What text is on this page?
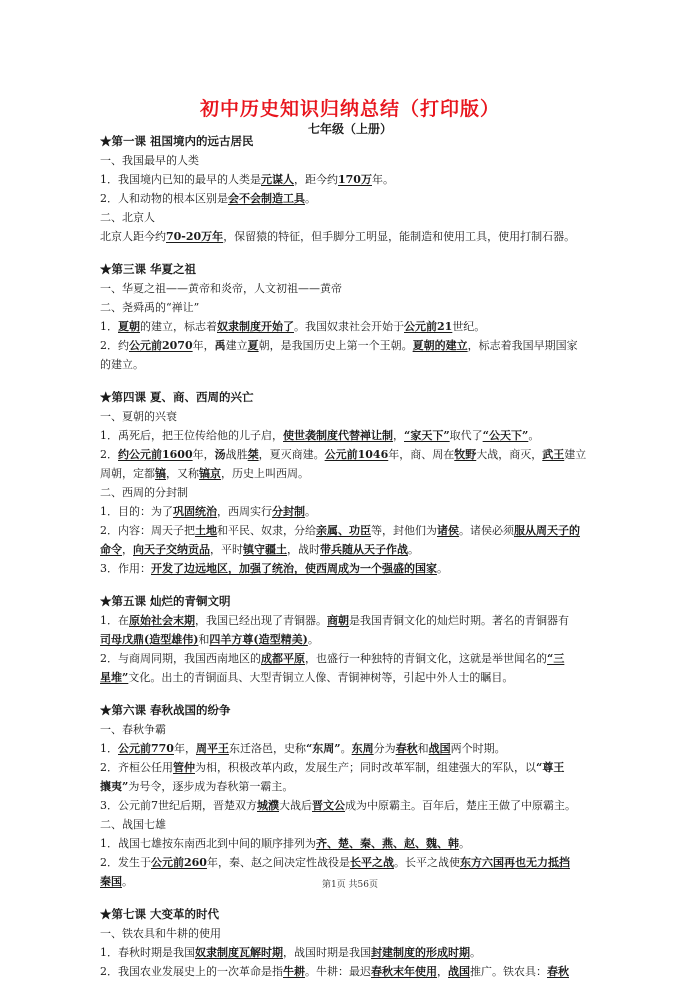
初中历史知识归纳总结（打印版）
七年级（上册）
★第一课 祖国境内的远古居民
一、我国最早的人类
1．我国境内已知的最早的人类是元谋人，距今约170万年。
2．人和动物的根本区别是会不会制造工具。
二、北京人
北京人距今约70-20万年，保留猿的特征，但手脚分工明显，能制造和使用工具，使用打制石器。
★第三课 华夏之祖
一、华夏之祖——黄帝和炎帝，人文初祖——黄帝
二、尧舜禹的“禅让”
1．夏朝的建立，标志着奴隶制度开始了。我国奴隶社会开始于公元前21世纪。
2．约公元前2070年，禹建立夏朝，是我国历史上第一个王朝。夏朝的建立，标志着我国早期国家
的建立。
★第四课 夏、商、西周的兴亡
一、夏朝的兴衰
1．禹死后，把王位传给他的儿子启，使世袭制度代替禅让制，“家天下”取代了“公天下”。
2．约公元前1600年，汤战胜桀，夏灭商建。公元前1046年，商、周在牧野大战，商灭，武王建立
周朝，定都镐，又称镐京，历史上叫西周。
二、西周的分封制
1．目的：为了巩固统治，西周实行分封制。
2．内容：周天子把土地和平民、奴隶，分给亲属、功臣等，封他们为诸侯。诸侯必须服从周天子的
命令，向天子交纳贡品，平时镇守疆土，战时带兵随从天子作战。
3．作用：开发了边远地区，加强了统治，使西周成为一个强盛的国家。
★第五课 灿烂的青铜文明
1．在原始社会末期，我国已经出现了青铜器。商朝是我国青铜文化的灿烂时期。著名的青铜器有
司母戊鼎(造型雄伟)和四羊方尊(造型精美)。
2．与商周同期，我国西南地区的成都平原，也盛行一种独特的青铜文化，这就是举世闻名的“三
星堆”文化。出土的青铜面具、大型青铜立人像、青铜神树等，引起中外人士的瞩目。
★第六课 春秋战国的纷争
一、春秋争霸
1．公元前770年，周平王东迁洛邑，史称“东周”。东周分为春秋和战国两个时期。
2．齐桓公任用管仲为相，积极改革内政，发展生产；同时改革军制，组建强大的军队，以“尊王
攘夷”为号令，逐步成为春秋第一霸主。
3．公元前7世纪后期，晋楚双方城濮大战后晋文公成为中原霸主。百年后，楚庄王做了中原霸主。
二、战国七雄
1．战国七雄按东南西北到中间的顺序排列为齐、楚、秦、燕、赵、魏、韩。
2．发生于公元前260年，秦、赵之间决定性战役是长平之战。长平之战使东方六国再也无力抵挡
秦国。
★第七课 大变革的时代
一、铁农具和牛耕的使用
1．春秋时期是我国奴隶制度瓦解时期，战国时期是我国封建制度的形成时期。
2．我国农业发展史上的一次革命是指牛耕。牛耕：最迟春秋末年使用，战国推广。铁农具：春秋
第1页 共56页
